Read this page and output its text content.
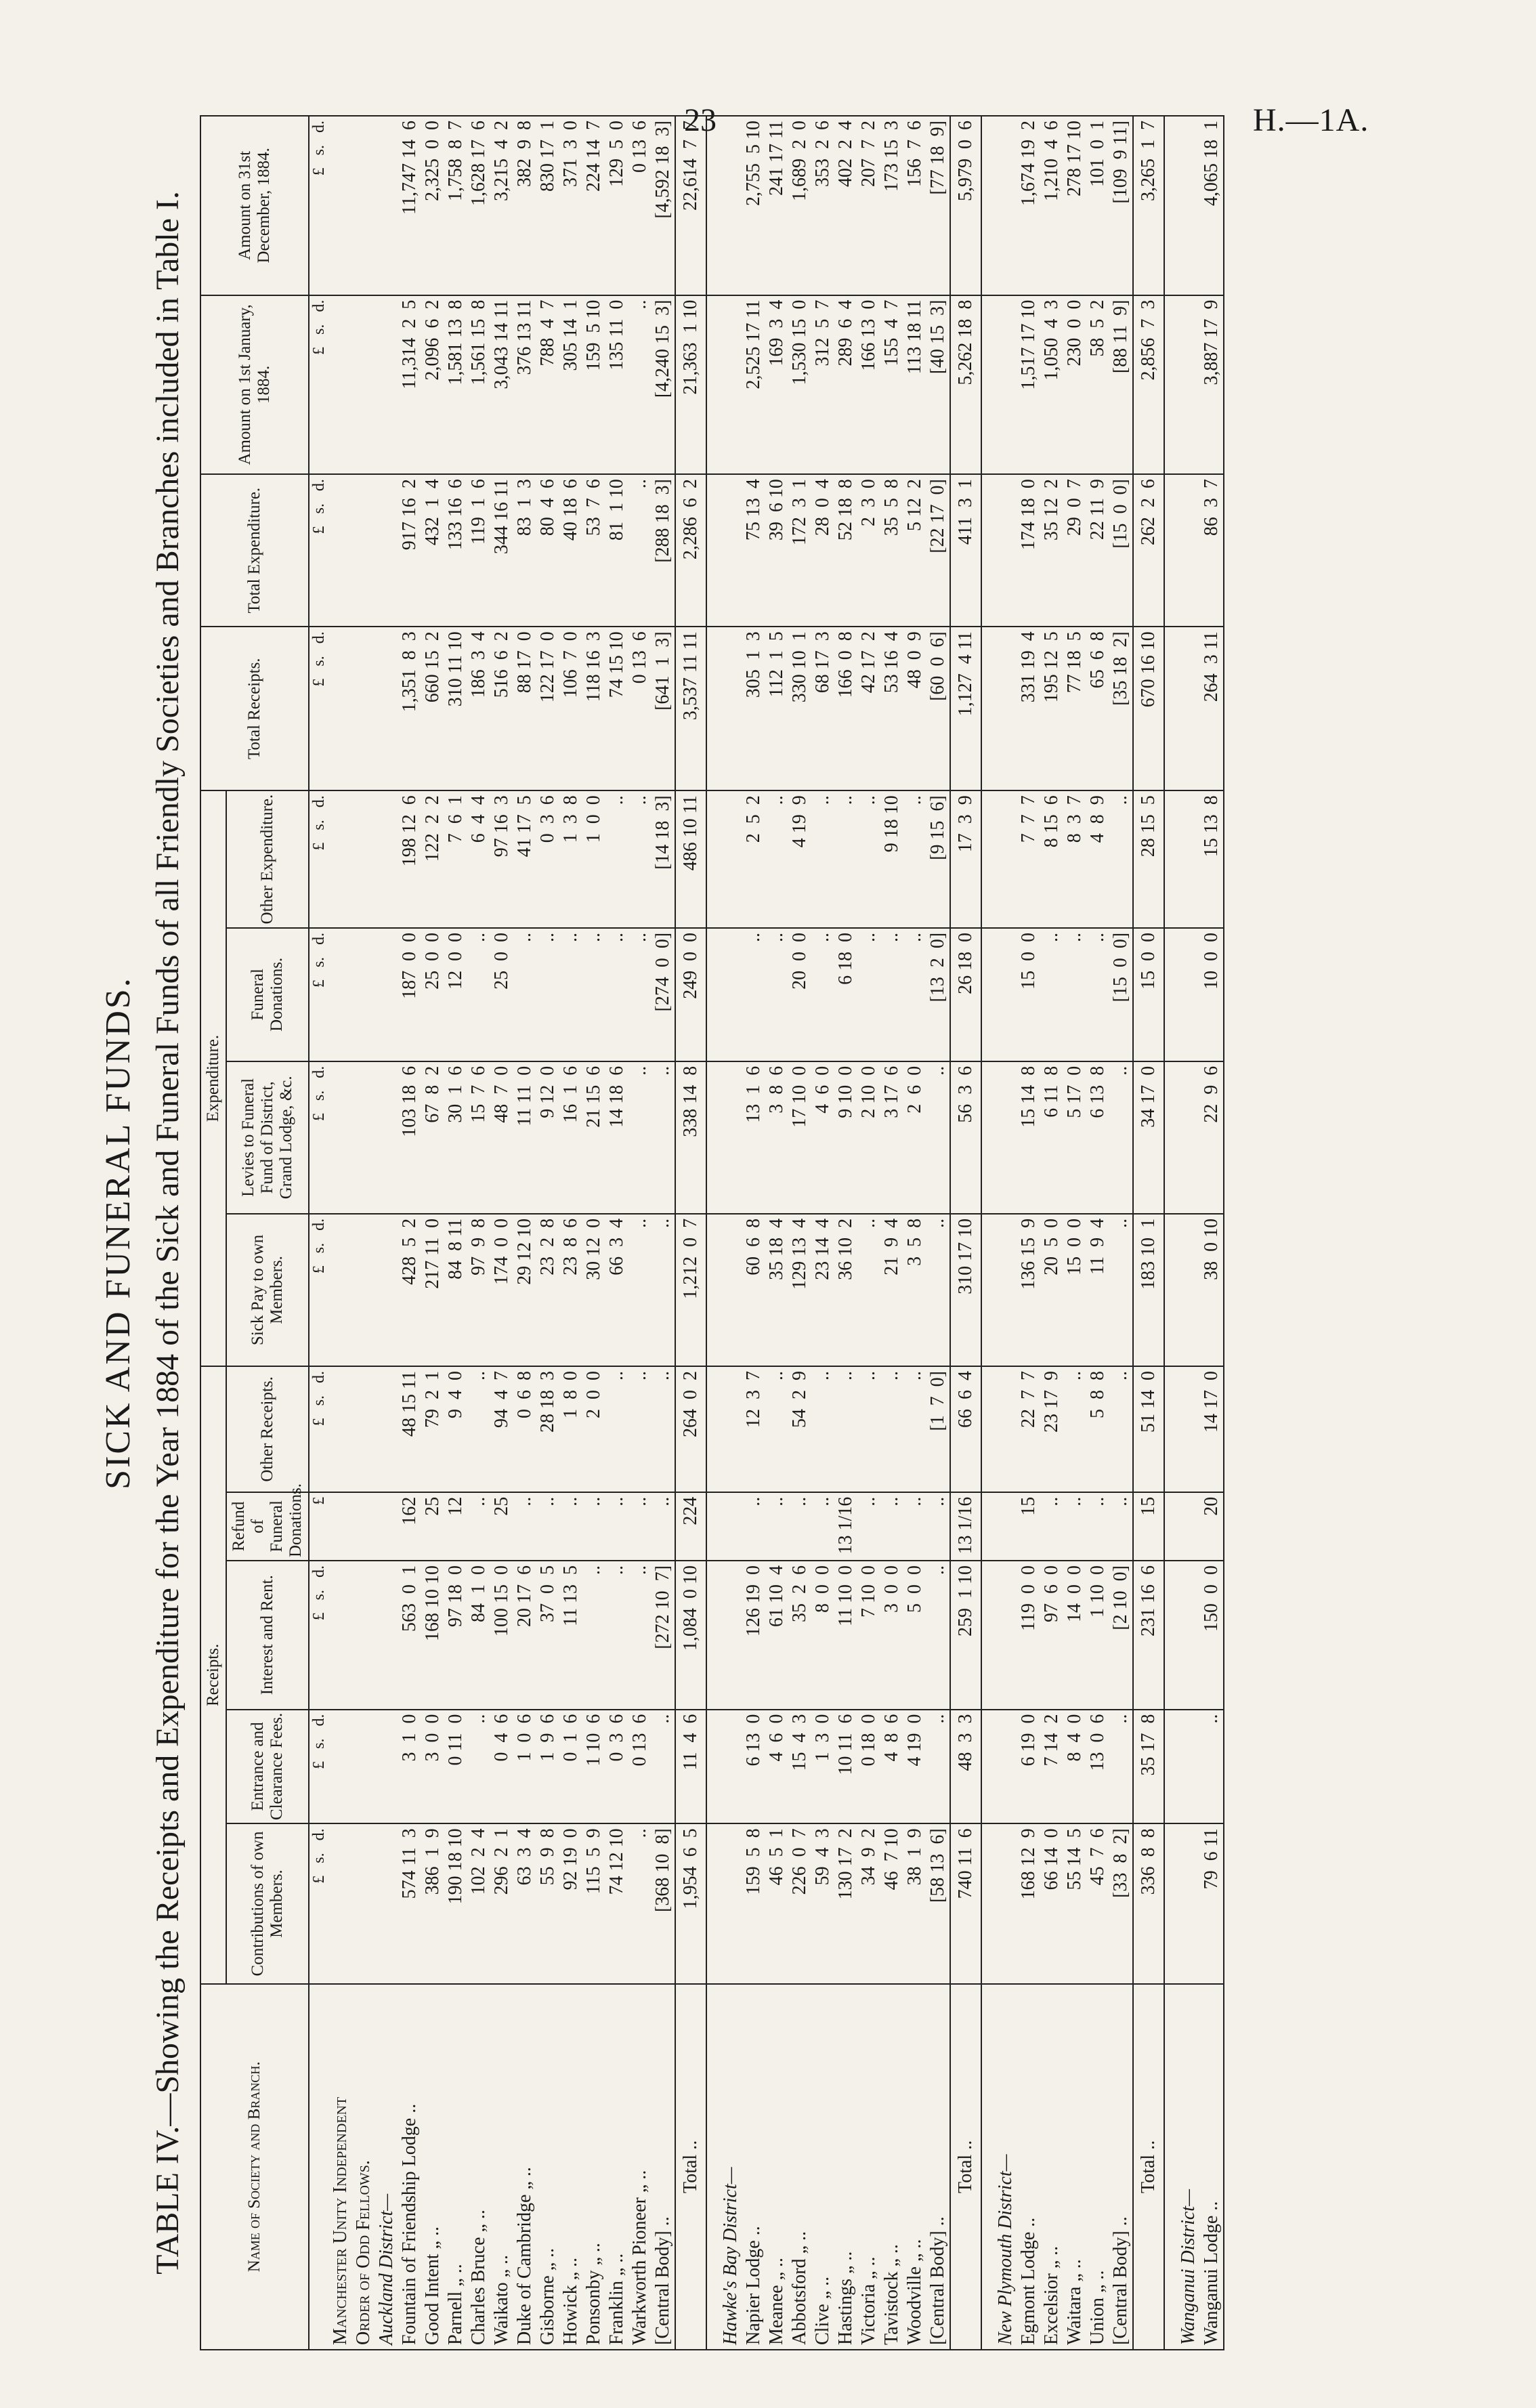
23	H.—1A.
SICK AND FUNERAL FUNDS. TABLE IV.—Showing the Receipts and Expenditure for the Year 1884 of the Sick and Funeral Funds of all Friendly Societies and Branches included in Table I.	Name of Society and Branch.	Receipts.					Expenditure.				Total Receipts.	Total Expenditure.	Amount on 1st January, 1884.	Amount on 31st December, 1884.
	Contributions of own Members.	Entrance and Clearance Fees.	Interest and Rent.	Refund of Funeral Donations.	Other Receipts.	Sick Pay to own Members.	Levies to Funeral Fund of District, Grand Lodge, &c.	Funeral Donations.	Other Expenditure.				
	£   s.   d.	£   s.   d.	£   s.   d.	£	£   s.   d.	£   s.   d.	£   s.   d.	£   s.   d.	£   s.   d.	£   s.   d.	£   s.   d.	£   s.   d.	£   s.   d.
Manchester Unity Independent													
Order of Odd Fellows.													
Auckland District—													
Fountain of Friendship Lodge ..	574 11  3	3  1  0	563  0  1	162	48 15 11	428  5  2	103 18  6	187  0  0	198 12  6	1,351  8  3	917 16  2	11,314  2  5	11,747 14  6
Good Intent „ ..	386  1  9	3  0  0	168 10 10	25	79  2  1	217 11  0	67  8  2	25  0  0	122  2  2	660 15  2	432  1  4	2,096  6  2	2,325  0  0
Parnell „ ..	190 18 10	0 11  0	97 18  0	12	9  4  0	84  8 11	30  1  6	12  0  0	7  6  1	310 11 10	133 16  6	1,581 13  8	1,758  8  7
Charles Bruce „ ..	102  2  4	..	84  1  0	..	..	97  9  8	15  7  6	..	6  4  4	186  3  4	119  1  6	1,561 15  8	1,628 17  6
Waikato „ ..	296  2  1	0  4  6	100 15  0	25	94  4  7	174  0  0	48  7  0	25  0  0	97 16  3	516  6  2	344 16 11	3,043 14 11	3,215  4  2
Duke of Cambridge „ ..	63  3  4	1  0  6	20 17  6	..	0  6  8	29 12 10	11 11  0	..	41 17  5	88 17  0	83  1  3	376 13 11	382  9  8
Gisborne „ ..	55  9  8	1  9  6	37  0  5	..	28 18  3	23  2  8	9 12  0	..	0  3  6	122 17  0	80  4  6	788  4  7	830 17  1
Howick „ ..	92 19  0	0  1  6	11 13  5	..	1  8  0	23  8  6	16  1  6	..	1  3  8	106  7  0	40 18  6	305 14  1	371  3  0
Ponsonby „ ..	115  5  9	1 10  6	..	..	2  0  0	30 12  0	21 15  6	..	1  0  0	118 16  3	53  7  6	159  5 10	224 14  7
Franklin „ ..	74 12 10	0  3  6	..	..	..	66  3  4	14 18  6	..	..	74 15 10	81  1 10	135 11  0	129  5  0
Warkworth Pioneer „ ..	..	0 13  6	..	..	..	..	..	..	..	0 13  6	..	..	0 13  6
[Central Body] ..	[368 10  8]	..	[272 10  7]	..	..	..	..	[274  0  0]	[14 18  3]	[641  1  3]	[288 18  3]	[4,240 15  3]	[4,592 18  3]
Total ..	1,954  6  5	11  4  6	1,084  0 10	224	264  0  2	1,212  0  7	338 14  8	249  0  0	486 10 11	3,537 11 11	2,286  6  2	21,363  1 10	22,614  7  7

Hawke's Bay District—													
Napier Lodge ..	159  5  8	6 13  0	126 19  0	..	12  3  7	60  6  8	13  1  6	..	2  5  2	305  1  3	75 13  4	2,525 17 11	2,755  5 10
Meanee „ ..	46  5  1	4  6  0	61 10  4	..	..	35 18  4	3  8  6	..	..	112  1  5	39  6 10	169  3  4	241 17 11
Abbotsford „ ..	226  0  7	15  4  3	35  2  6	..	54  2  9	129 13  4	17 10  0	20  0  0	4 19  9	330 10  1	172  3  1	1,530 15  0	1,689  2  0
Clive „ ..	59  4  3	1  3  0	8  0  0	..	..	23 14  4	4  6  0	..	..	68 17  3	28  0  4	312  5  7	353  2  6
Hastings „ ..	130 17  2	10 11  6	11 10  0	13 1/16	..	36 10  2	9 10  0	6 18  0	..	166  0  8	52 18  8	289  6  4	402  2  4
Victoria „ ..	34  9  2	0 18  0	7 10  0	..	..	..	2 10  0	..	..	42 17  2	2  3  0	166 13  0	207  7  2
Tavistock „ ..	46  7 10	4  8  6	3  0  0	..	..	21  9  4	3 17  6	..	9 18 10	53 16  4	35  5  8	155  4  7	173 15  3
Woodville „ ..	38  1  9	4 19  0	5  0  0	..	..	3  5  8	2  6  0	..	..	48  0  9	5 12  2	113 18 11	156  7  6
[Central Body] ..	[58 13  6]	..	..	..	[1  7  0]	..	..	[13  2  0]	[9 15  6]	[60  0  6]	[22 17  0]	[40 15  3]	[77 18  9]
Total ..	740 11  6	48  3  3	259  1 10	13 1/16	66  6  4	310 17 10	56  3  6	26 18  0	17  3  9	1,127  4 11	411  3  1	5,262 18  8	5,979  0  6

New Plymouth District—													
Egmont Lodge ..	168 12  9	6 19  0	119  0  0	15	22  7  7	136 15  9	15 14  8	15  0  0	7  7  7	331 19  4	174 18  0	1,517 17 10	1,674 19  2
Excelsior „ ..	66 14  0	7 14  2	97  6  0	..	23 17  9	20  5  0	6 11  8	..	8 15  6	195 12  5	35 12  2	1,050  4  3	1,210  4  6
Waitara „ ..	55 14  5	8  4  0	14  0  0	..	..	15  0  0	5 17  0	..	8  3  7	77 18  5	29  0  7	230  0  0	278 17 10
Union „ ..	45  7  6	13  0  6	1 10  0	..	5  8  8	11  9  4	6 13  8	..	4  8  9	65  6  8	22 11  9	58  5  2	101  0  1
[Central Body] ..	[33  8  2]	..	[2 10  0]	..	..	..	..	[15  0  0]	..	[35 18  2]	[15  0  0]	[88 11  9]	[109  9 11]
Total ..	336  8  8	35 17  8	231 16  6	15	51 14  0	183 10  1	34 17  0	15  0  0	28 15  5	670 16 10	262  2  6	2,856  7  3	3,265  1  7

Wanganui District—													
Wanganui Lodge ..	79  6 11	..	150  0  0	20	14 17  0	38  0 10	22  9  6	10  0  0	15 13  8	264  3 11	86  3  7	3,887 17  9	4,065 18  1
